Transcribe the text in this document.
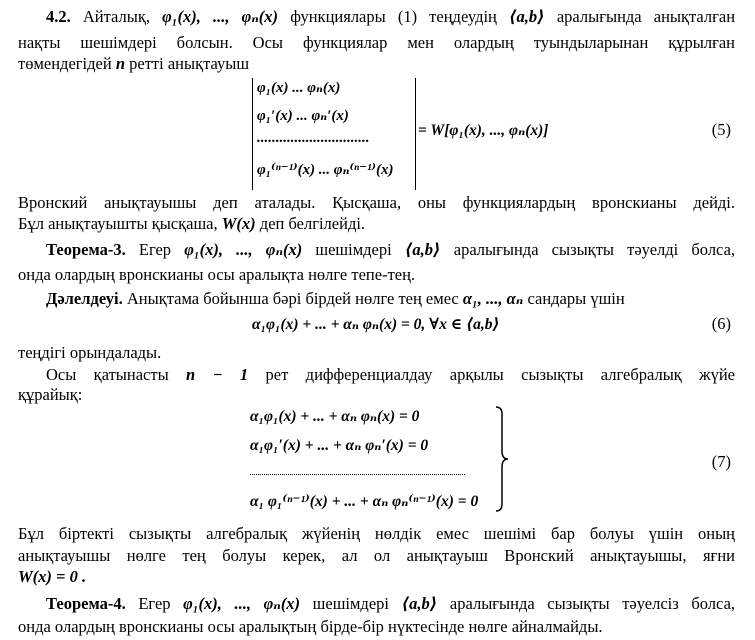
4.2. Айталық, φ₁(x), ..., φₙ(x) функциялары (1) теңдеудің ⟨a,b⟩ аралығында анықталған
нақты шешімдері болсын. Осы функциялар мен олардың туындыларынан құрылған
төмендегідей n ретті анықтауыш
φ₁(x) ... φₙ(x)
φ₁′(x) ... φₙ′(x)
..............................
φ₁⁽ⁿ⁻¹⁾(x) ... φₙ⁽ⁿ⁻¹⁾(x)
= W[φ₁(x), ..., φₙ(x)]	(5)
Вронский анықтауышы деп аталады. Қысқаша, оны функциялардың вронскианы дейді.
Бұл анықтауышты қысқаша, W(x) деп белгілейді.
Теорема-3. Егер φ₁(x), ..., φₙ(x) шешімдері ⟨a,b⟩ аралығында сызықты тәуелді болса,
онда олардың вронскианы осы аралықта нөлге тепе-тең.
Дәлелдеуі. Анықтама бойынша бәрі бірдей нөлге тең емес α₁, ..., αₙ сандары үшін
α₁φ₁(x) + ... + αₙ φₙ(x) = 0, ∀x ∈ ⟨a,b⟩	(6)
теңдігі орындалады.
Осы қатынасты n − 1 рет дифференциалдау арқылы сызықты алгебралық жүйе
құрайық:
α₁φ₁(x) + ... + αₙ φₙ(x) = 0
α₁φ₁′(x) + ... + αₙ φₙ′(x) = 0
α₁ φ₁⁽ⁿ⁻¹⁾(x) + ... + αₙ φₙ⁽ⁿ⁻¹⁾(x) = 0
(7)
Бұл біртекті сызықты алгебралық жүйенің нөлдік емес шешімі бар болуы үшін оның
анықтауышы нөлге тең болуы керек, ал ол анықтауыш Вронский анықтауышы, яғни
W(x) = 0 .
Теорема-4. Егер φ₁(x), ..., φₙ(x) шешімдері ⟨a,b⟩ аралығында сызықты тәуелсіз болса,
онда олардың вронскианы осы аралықтың бірде-бір нүктесінде нөлге айналмайды.
